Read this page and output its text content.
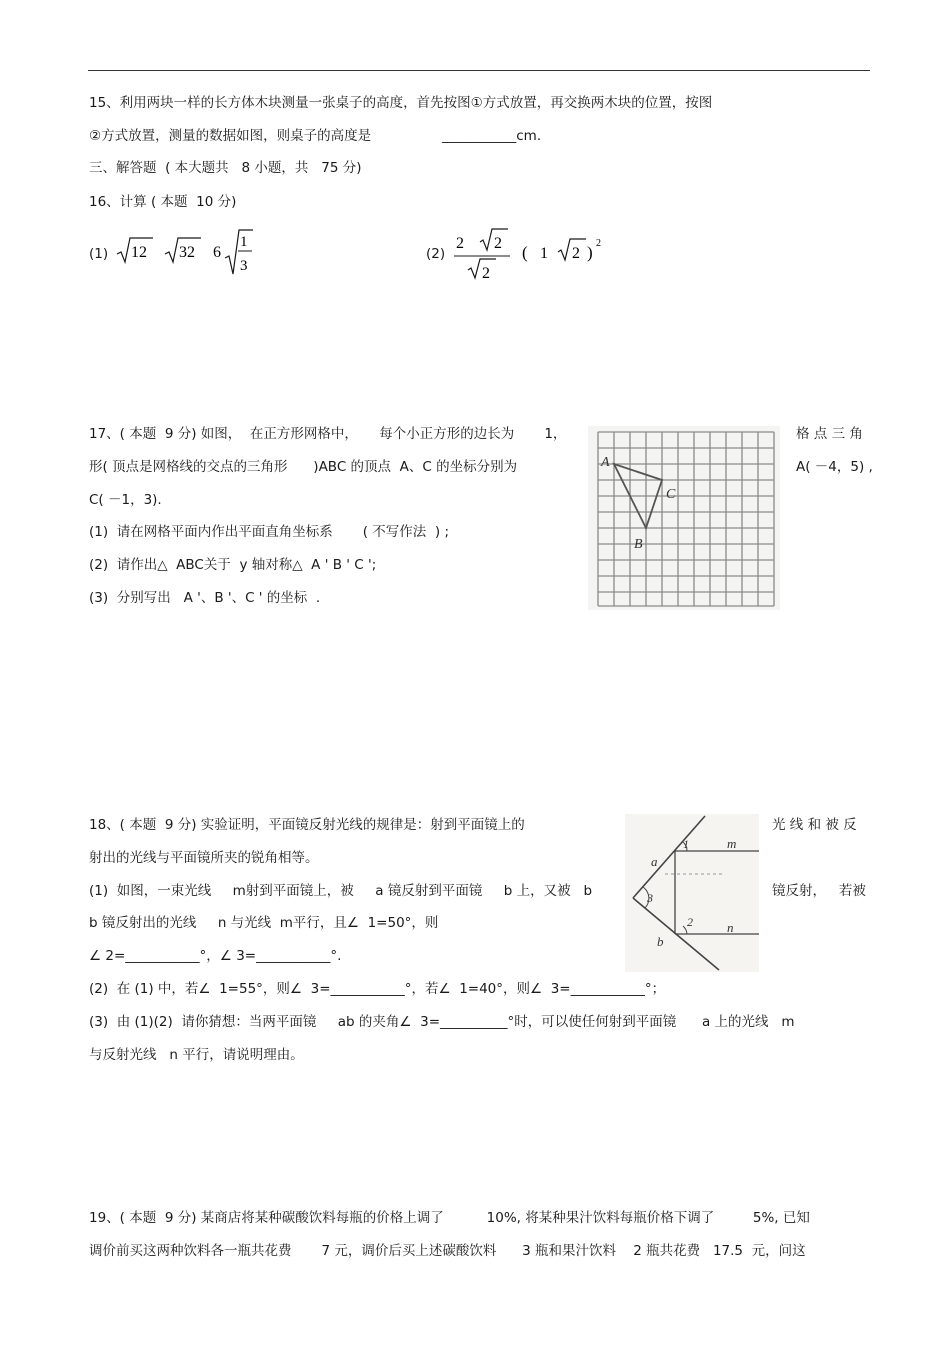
15、利用两块一样的长方体木块测量一张桌子的高度，首先按图①方式放置，再交换两木块的位置，按图
②方式放置，测量的数据如图，则桌子的高度是	___________cm.
三、解答题  ( 本大题共   8 小题，共   75 分)
16、计算 ( 本题  10 分)
(1) 12 32 6
1
3
(2)
2 2
2
( 1 2 ) 2
17、( 本题  9 分) 如图，  在正方形网格中，     每个小正方形的边长为       1，	格 点 三 角
形( 顶点是网格线的交点的三角形      )ABC 的顶点  A、C 的坐标分别为	A( －4，5) ,
C( －1，3).
(1)  请在网格平面内作出平面直角坐标系       ( 不写作法  ) ;
(2)  请作出△  ABC关于  y 轴对称△  A ' B ' C ';
(3)  分别写出   A '、B '、C ' 的坐标  .
A
C
B
18、( 本题  9 分) 实验证明，平面镜反射光线的规律是：射到平面镜上的	光 线 和 被 反
射出的光线与平面镜所夹的锐角相等。
(1)  如图，一束光线     m射到平面镜上，被     a 镜反射到平面镜     b 上，又被   b	镜反射，   若被
b 镜反射出的光线     n 与光线  m平行，且∠  1=50°，则
∠ 2=___________°，∠ 3=___________°.
(2)  在 (1) 中，若∠  1=55°，则∠  3=___________°，若∠  1=40°，则∠  3=___________°；
(3)  由 (1)(2)  请你猜想：当两平面镜     ab 的夹角∠  3=__________°时，可以使任何射到平面镜      a 上的光线   m
与反射光线   n 平行，请说明理由。
a
1	m
3
2	n
b
19、( 本题  9 分) 某商店将某种碳酸饮料每瓶的价格上调了          10%, 将某种果汁饮料每瓶价格下调了         5%, 已知
调价前买这两种饮料各一瓶共花费       7 元，调价后买上述碳酸饮料      3 瓶和果汁饮料    2 瓶共花费   17.5  元，问这
